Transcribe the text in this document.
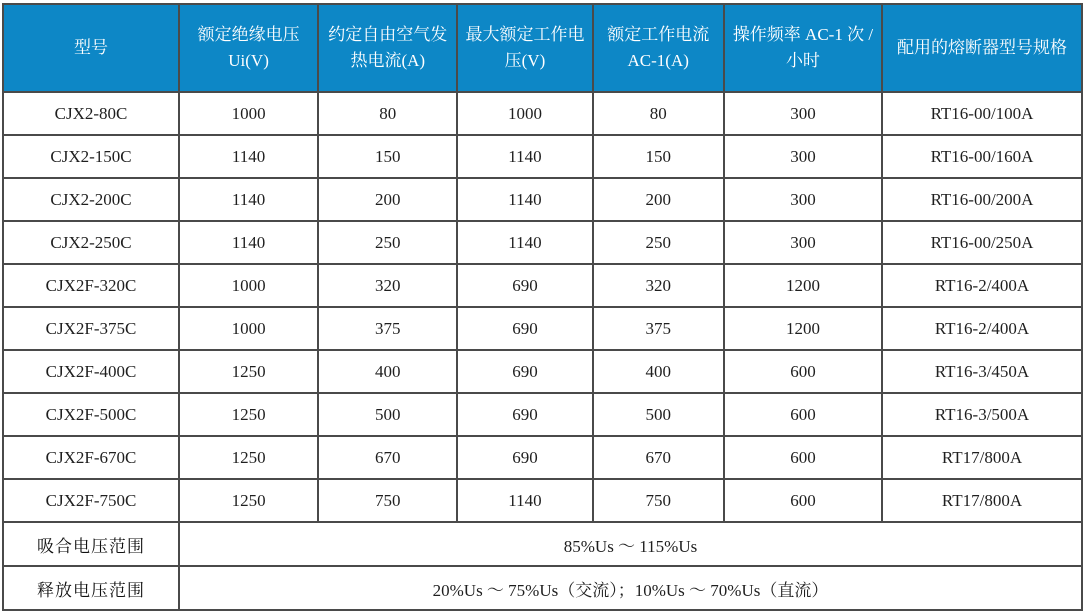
型号	额定绝缘电压 Ui(V)	约定自由空气发热电流(A)	最大额定工作电压(V)	额定工作电流 AC-1(A)	操作频率 AC-1 次 / 小时	配用的熔断器型号规格
CJX2-80C	1000	80	1000	80	300	RT16-00/100A
CJX2-150C	1140	150	1140	150	300	RT16-00/160A
CJX2-200C	1140	200	1140	200	300	RT16-00/200A
CJX2-250C	1140	250	1140	250	300	RT16-00/250A
CJX2F-320C	1000	320	690	320	1200	RT16-2/400A
CJX2F-375C	1000	375	690	375	1200	RT16-2/400A
CJX2F-400C	1250	400	690	400	600	RT16-3/450A
CJX2F-500C	1250	500	690	500	600	RT16-3/500A
CJX2F-670C	1250	670	690	670	600	RT17/800A
CJX2F-750C	1250	750	1140	750	600	RT17/800A
吸合电压范围	85%Us ～ 115%Us					
释放电压范围	20%Us ～ 75%Us（交流）；10%Us ～ 70%Us（直流）					
